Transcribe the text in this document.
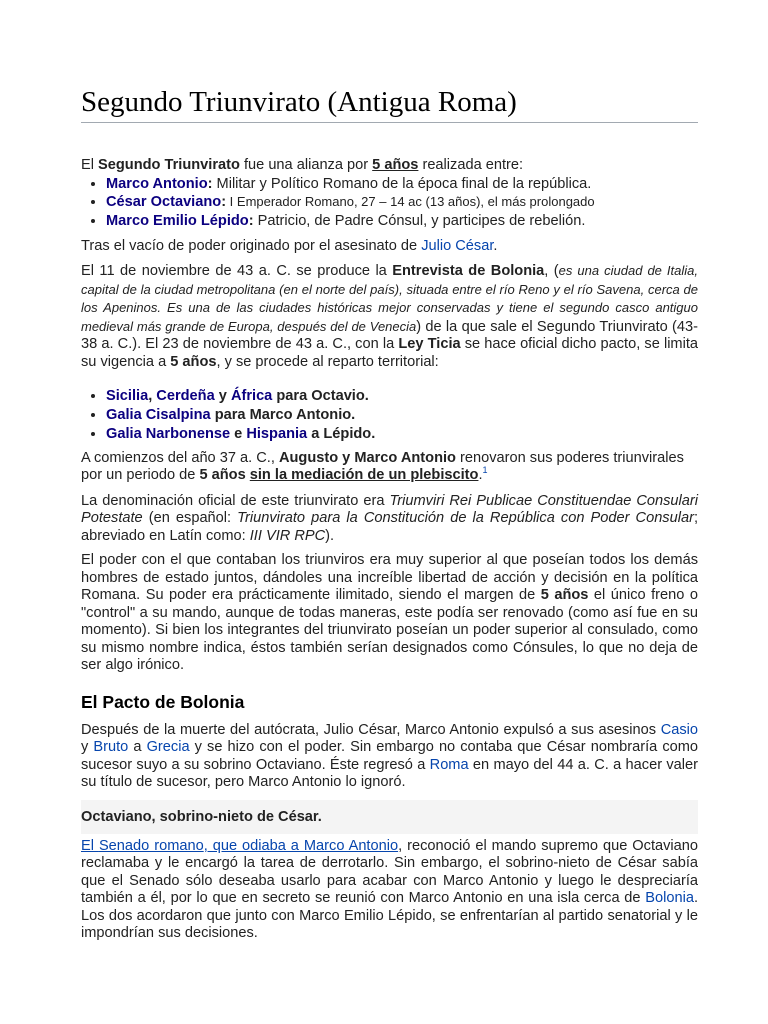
Segundo Triunvirato (Antigua Roma)

El Segundo Triunvirato fue una alianza por 5 años realizada entre:

• Marco Antonio: Militar y Político Romano de la época final de la república.
• César Octaviano: I Emperador Romano, 27 – 14 ac (13 años), el más prolongado
• Marco Emilio Lépido: Patricio, de Padre Cónsul, y participes de rebelión.

Tras el vacío de poder originado por el asesinato de Julio César.

El 11 de noviembre de 43 a. C. se produce la Entrevista de Bolonia, (es una ciudad de Italia, capital de la ciudad metropolitana (en el norte del país), situada entre el río Reno y el río Savena, cerca de los Apeninos. Es una de las ciudades históricas mejor conservadas y tiene el segundo casco antiguo medieval más grande de Europa, después del de Venecia) de la que sale el Segundo Triunvirato (43-38 a. C.). El 23 de noviembre de 43 a. C., con la Ley Ticia se hace oficial dicho pacto, se limita su vigencia a 5 años, y se procede al reparto territorial:

• Sicilia, Cerdeña y África para Octavio.
• Galia Cisalpina para Marco Antonio.
• Galia Narbonense e Hispania a Lépido.

A comienzos del año 37 a. C., Augusto y Marco Antonio renovaron sus poderes triunvirales por un periodo de 5 años sin la mediación de un plebiscito.$^1$

La denominación oficial de este triunvirato era Triumviri Rei Publicae Constituendae Consulari Potestate (en español: Triunvirato para la Constitución de la República con Poder Consular; abreviado en Latín como: III VIR RPC).

El poder con el que contaban los triunviros era muy superior al que poseían todos los demás hombres de estado juntos, dándoles una increíble libertad de acción y decisión en la política Romana. Su poder era prácticamente ilimitado, siendo el margen de 5 años el único freno o "control" a su mando, aunque de todas maneras, este podía ser renovado (como así fue en su momento). Si bien los integrantes del triunvirato poseían un poder superior al consulado, como su mismo nombre indica, éstos también serían designados como Cónsules, lo que no deja de ser algo irónico.

El Pacto de Bolonia

Después de la muerte del autócrata, Julio César, Marco Antonio expulsó a sus asesinos Casio y Bruto a Grecia y se hizo con el poder. Sin embargo no contaba que César nombraría como sucesor suyo a su sobrino Octaviano. Éste regresó a Roma en mayo del 44 a. C. a hacer valer su título de sucesor, pero Marco Antonio lo ignoró.

Octaviano, sobrino-nieto de César.

El Senado romano, que odiaba a Marco Antonio, reconoció el mando supremo que Octaviano reclamaba y le encargó la tarea de derrotarlo. Sin embargo, el sobrino-nieto de César sabía que el Senado sólo deseaba usarlo para acabar con Marco Antonio y luego le despreciaría también a él, por lo que en secreto se reunió con Marco Antonio en una isla cerca de Bolonia. Los dos acordaron que junto con Marco Emilio Lépido, se enfrentarían al partido senatorial y le impondrían sus decisiones.
